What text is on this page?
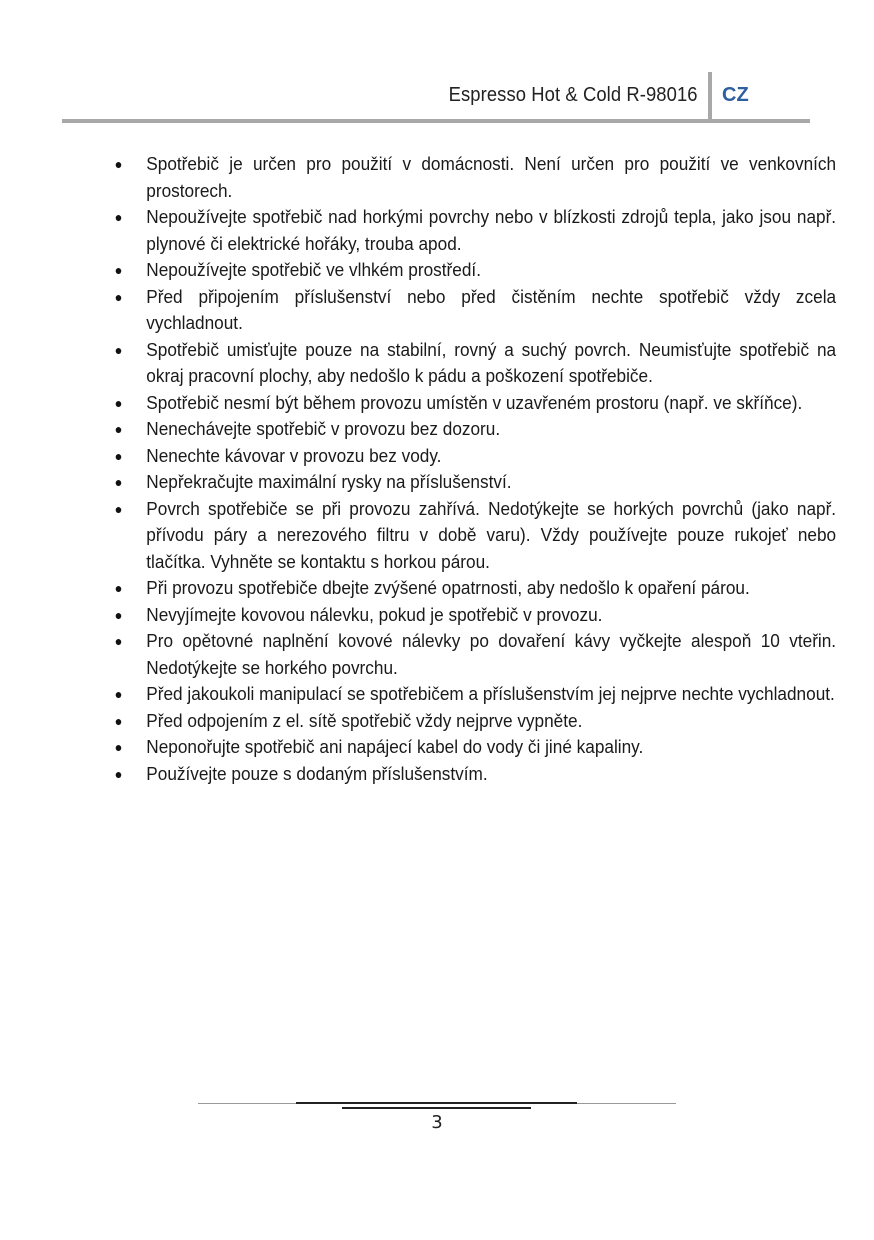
Espresso Hot & Cold R-98016 CZ
● Spotřebič je určen pro použití v domácnosti. Není určen pro použití ve venkovních prostorech.
● Nepoužívejte spotřebič nad horkými povrchy nebo v blízkosti zdrojů tepla, jako jsou např. plynové či elektrické hořáky, trouba apod.
● Nepoužívejte spotřebič ve vlhkém prostředí.
● Před připojením příslušenství nebo před čistěním nechte spotřebič vždy zcela vychladnout.
● Spotřebič umisťujte pouze na stabilní, rovný a suchý povrch. Neumisťujte spotřebič na okraj pracovní plochy, aby nedošlo k pádu a poškození spotřebiče.
● Spotřebič nesmí být během provozu umístěn v uzavřeném prostoru (např. ve skříňce).
● Nenechávejte spotřebič v provozu bez dozoru.
● Nenechte kávovar v provozu bez vody.
● Nepřekračujte maximální rysky na příslušenství.
● Povrch spotřebiče se při provozu zahřívá. Nedotýkejte se horkých povrchů (jako např. přívodu páry a nerezového filtru v době varu). Vždy používejte pouze rukojeť nebo tlačítka. Vyhněte se kontaktu s horkou párou.
● Při provozu spotřebiče dbejte zvýšené opatrnosti, aby nedošlo k opaření párou.
● Nevyjímejte kovovou nálevku, pokud je spotřebič v provozu.
● Pro opětovné naplnění kovové nálevky po dovaření kávy vyčkejte alespoň 10 vteřin. Nedotýkejte se horkého povrchu.
● Před jakoukoli manipulací se spotřebičem a příslušenstvím jej nejprve nechte vychladnout.
● Před odpojením z el. sítě spotřebič vždy nejprve vypněte.
● Neponořujte spotřebič ani napájecí kabel do vody či jiné kapaliny.
● Používejte pouze s dodaným příslušenstvím.
3
